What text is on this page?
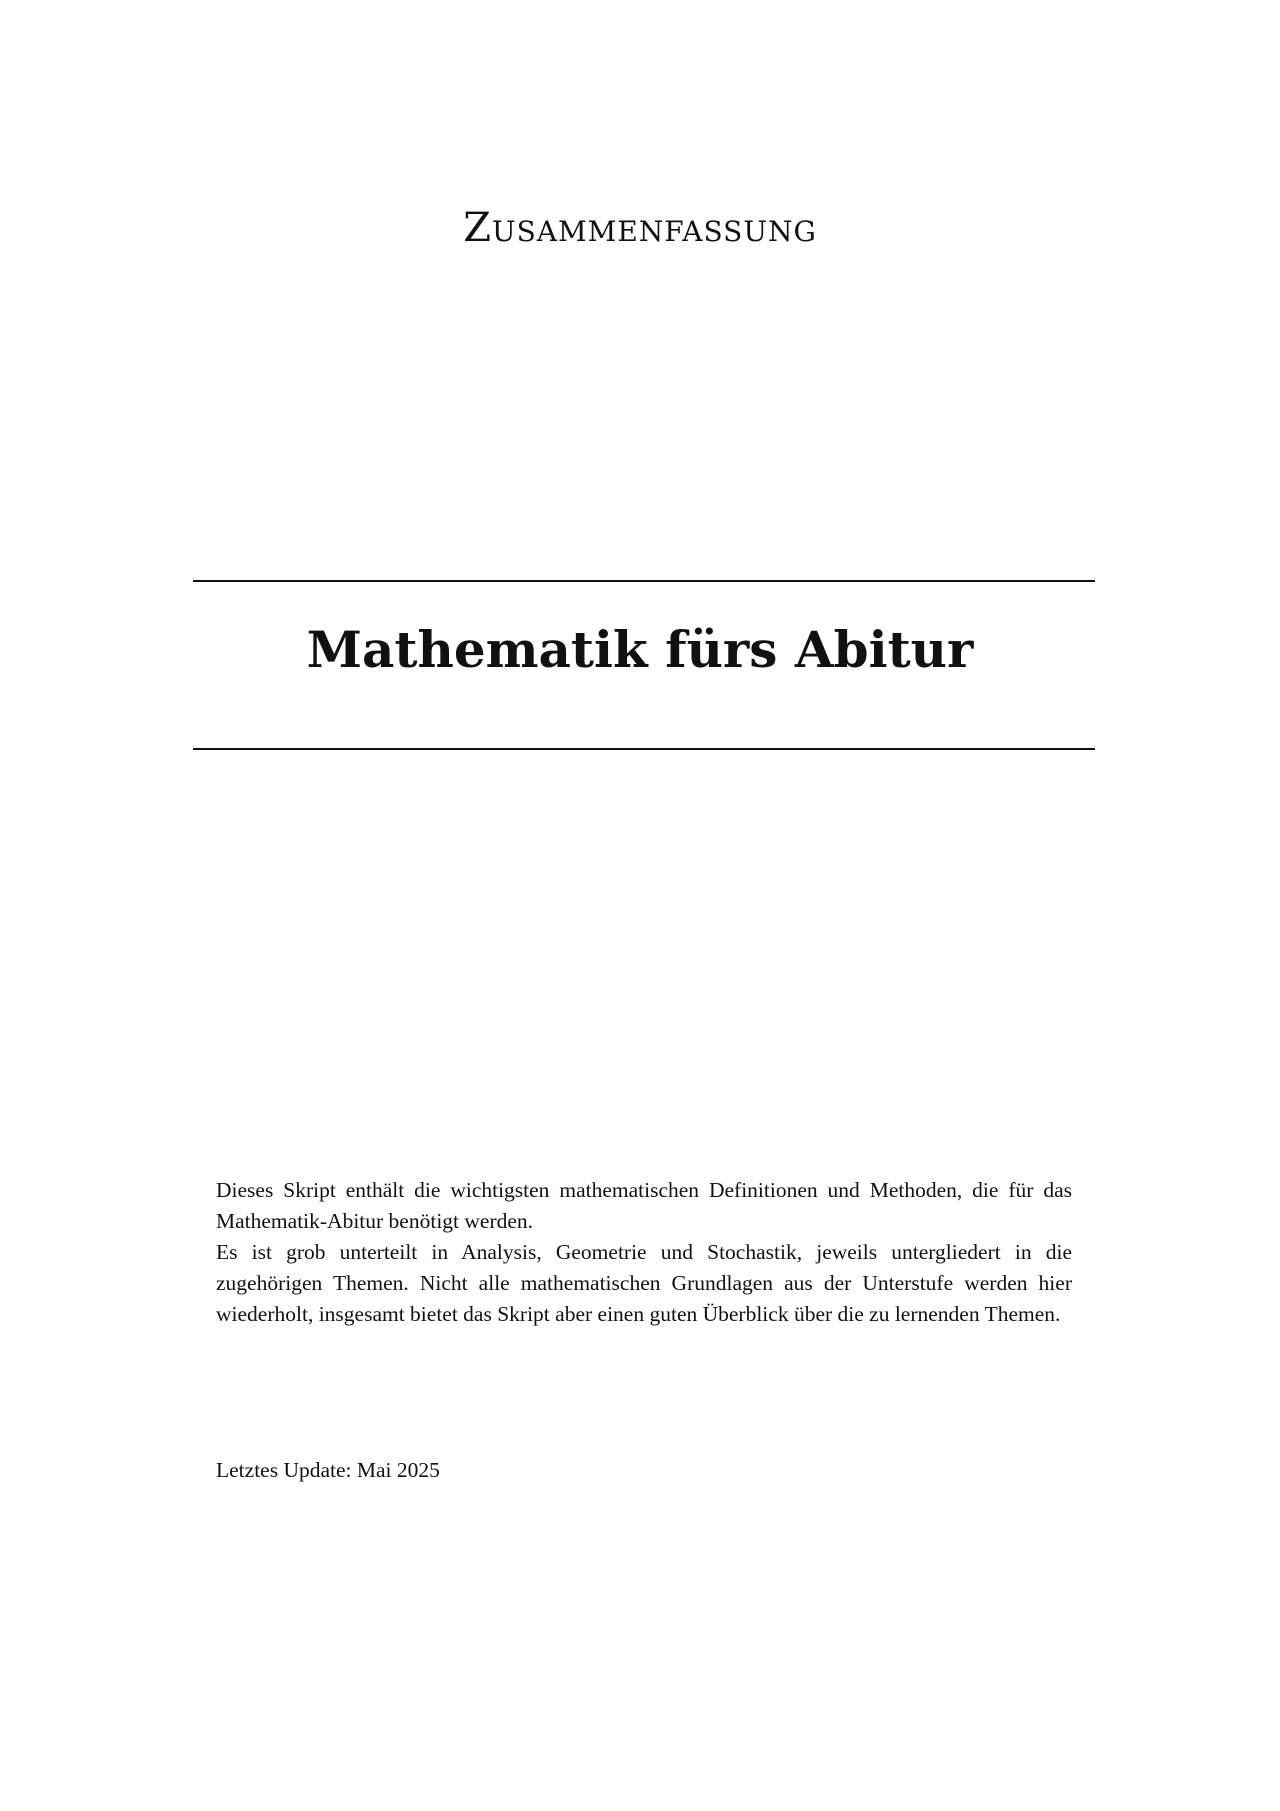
Zusammenfassung
Mathematik fürs Abitur

Dieses Skript enthält die wichtigsten mathematischen Definitionen und Methoden, die für das Mathematik-Abitur benötigt werden.

Es ist grob unterteilt in Analysis, Geometrie und Stochastik, jeweils untergliedert in die zugehörigen Themen. Nicht alle mathematischen Grundlagen aus der Unterstufe werden hier wiederholt, insgesamt bietet das Skript aber einen guten Überblick über die zu lernenden Themen.

Letztes Update: Mai 2025
